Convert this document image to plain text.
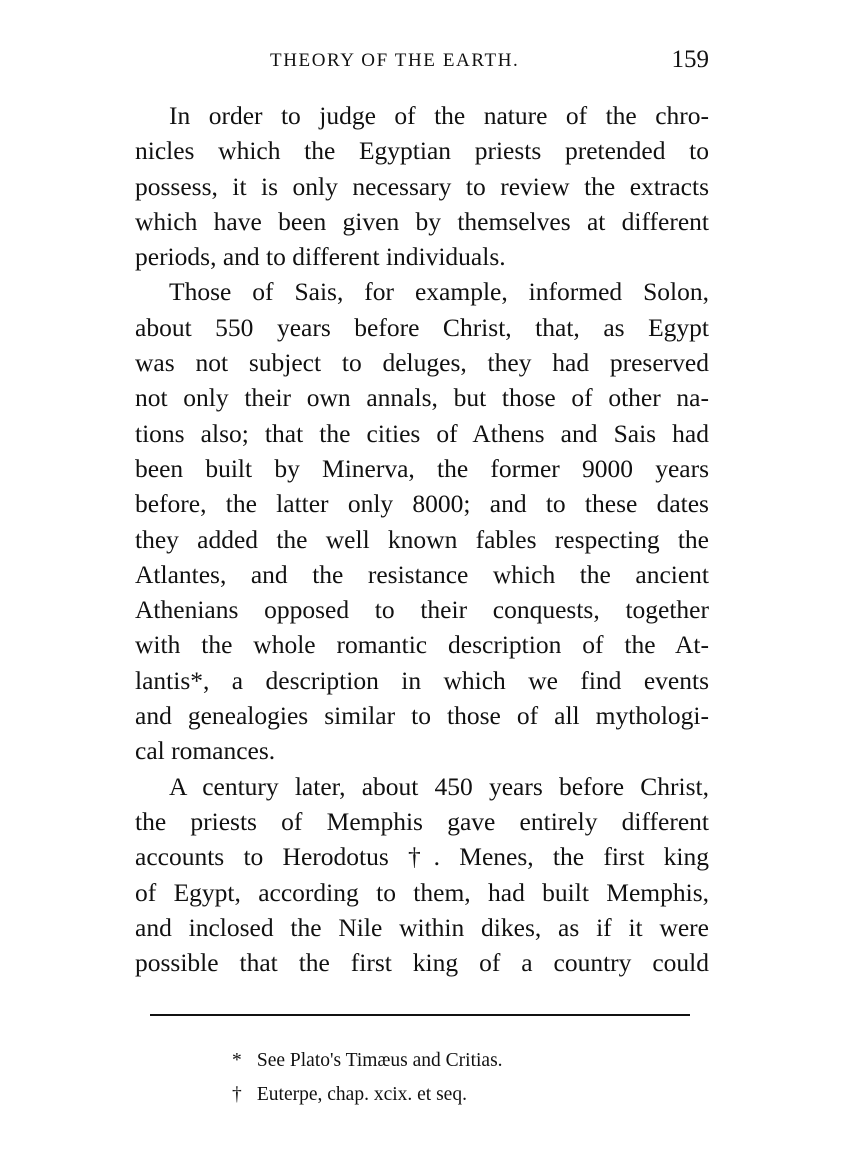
THEORY OF THE EARTH.	159

In order to judge of the nature of the chro-
nicles which the Egyptian priests pretended to
possess, it is only necessary to review the extracts
which have been given by themselves at different
periods, and to different individuals.

Those of Sais, for example, informed Solon,
about 550 years before Christ, that, as Egypt
was not subject to deluges, they had preserved
not only their own annals, but those of other na-
tions also; that the cities of Athens and Sais had
been built by Minerva, the former 9000 years
before, the latter only 8000; and to these dates
they added the well known fables respecting the
Atlantes, and the resistance which the ancient
Athenians opposed to their conquests, together
with the whole romantic description of the At-
lantis*, a description in which we find events
and genealogies similar to those of all mythologi-
cal romances.

A century later, about 450 years before Christ,
the priests of Memphis gave entirely different
accounts to Herodotus †. Menes, the first king
of Egypt, according to them, had built Memphis,
and inclosed the Nile within dikes, as if it were
possible that the first king of a country could

* See Plato's Timæus and Critias.
† Euterpe, chap. xcix. et seq.
